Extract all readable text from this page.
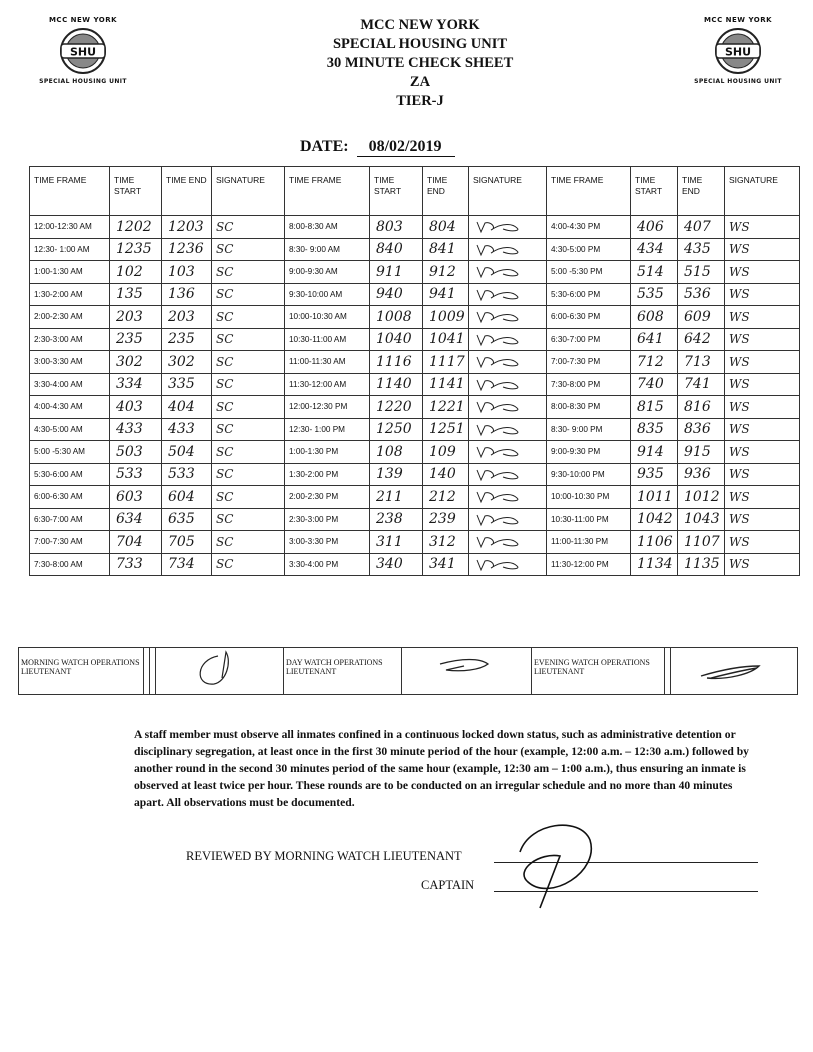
MCC NEW YORK
SHU
SPECIAL HOUSING UNIT
MCC NEW YORK
SHU
SPECIAL HOUSING UNIT
MCC NEW YORK
SPECIAL HOUSING UNIT
30 MINUTE CHECK SHEET
ZA
TIER-J
DATE: 08/02/2019
TIME FRAME	TIME START	TIME END	SIGNATURE	TIME FRAME	TIME START	TIME END	SIGNATURE	TIME FRAME	TIME START	TIME END	SIGNATURE
12:00-12:30 AM	1202	1203	SC	8:00-8:30 AM	803	804		4:00-4:30 PM	406	407	WS
12:30- 1:00 AM	1235	1236	SC	8:30- 9:00 AM	840	841		4:30-5:00 PM	434	435	WS
1:00-1:30 AM	102	103	SC	9:00-9:30 AM	911	912		5:00 -5:30 PM	514	515	WS
1:30-2:00 AM	135	136	SC	9:30-10:00 AM	940	941		5:30-6:00 PM	535	536	WS
2:00-2:30 AM	203	203	SC	10:00-10:30 AM	1008	1009		6:00-6:30 PM	608	609	WS
2:30-3:00 AM	235	235	SC	10:30-11:00 AM	1040	1041		6:30-7:00 PM	641	642	WS
3:00-3:30 AM	302	302	SC	11:00-11:30 AM	1116	1117		7:00-7:30 PM	712	713	WS
3:30-4:00 AM	334	335	SC	11:30-12:00 AM	1140	1141		7:30-8:00 PM	740	741	WS
4:00-4:30 AM	403	404	SC	12:00-12:30 PM	1220	1221		8:00-8:30 PM	815	816	WS
4:30-5:00 AM	433	433	SC	12:30- 1:00 PM	1250	1251		8:30- 9:00 PM	835	836	WS
5:00 -5:30 AM	503	504	SC	1:00-1:30 PM	108	109		9:00-9:30 PM	914	915	WS
5:30-6:00 AM	533	533	SC	1:30-2:00 PM	139	140		9:30-10:00 PM	935	936	WS
6:00-6:30 AM	603	604	SC	2:00-2:30 PM	211	212		10:00-10:30 PM	1011	1012	WS
6:30-7:00 AM	634	635	SC	2:30-3:00 PM	238	239		10:30-11:00 PM	1042	1043	WS
7:00-7:30 AM	704	705	SC	3:00-3:30 PM	311	312		11:00-11:30 PM	1106	1107	WS
7:30-8:00 AM	733	734	SC	3:30-4:00 PM	340	341		11:30-12:00 PM	1134	1135	WS
MORNING WATCH OPERATIONS LIEUTENANT
DAY WATCH OPERATIONS LIEUTENANT
EVENING WATCH OPERATIONS LIEUTENANT
A staff member must observe all inmates confined in a continuous locked down status, such as administrative detention or disciplinary segregation, at least once in the first 30 minute period of the hour (example, 12:00 a.m. – 12:30 a.m.) followed by another round in the second 30 minutes period of the same hour (example, 12:30 am – 1:00 a.m.), thus ensuring an inmate is observed at least twice per hour. These rounds are to be conducted on an irregular schedule and no more than 40 minutes apart. All observations must be documented.
REVIEWED BY MORNING WATCH LIEUTENANT
CAPTAIN
